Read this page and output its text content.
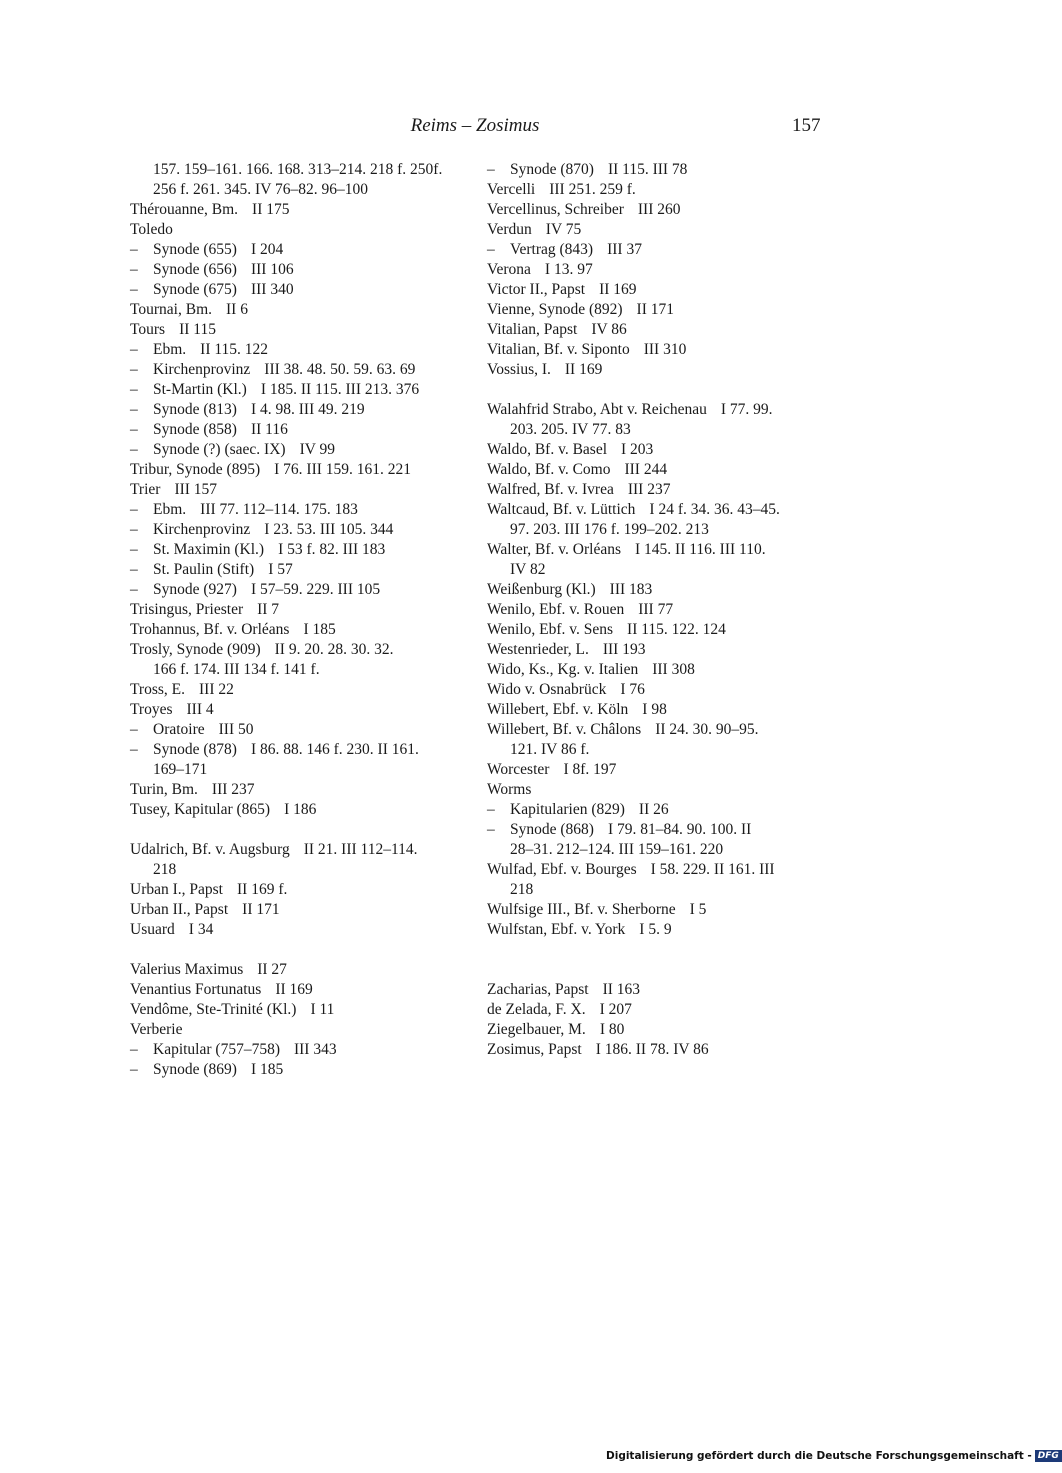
Reims – Zosimus	157
157. 159–161. 166. 168. 313–214. 218 f. 250f.
256 f. 261. 345. IV 76–82. 96–100
Thérouanne, Bm. II 175
Toledo
– Synode (655) I 204
– Synode (656) III 106
– Synode (675) III 340
Tournai, Bm. II 6
Tours II 115
– Ebm. II 115. 122
– Kirchenprovinz III 38. 48. 50. 59. 63. 69
– St-Martin (Kl.) I 185. II 115. III 213. 376
– Synode (813) I 4. 98. III 49. 219
– Synode (858) II 116
– Synode (?) (saec. IX) IV 99
Tribur, Synode (895) I 76. III 159. 161. 221
Trier III 157
– Ebm. III 77. 112–114. 175. 183
– Kirchenprovinz I 23. 53. III 105. 344
– St. Maximin (Kl.) I 53 f. 82. III 183
– St. Paulin (Stift) I 57
– Synode (927) I 57–59. 229. III 105
Trisingus, Priester II 7
Trohannus, Bf. v. Orléans I 185
Trosly, Synode (909) II 9. 20. 28. 30. 32.
166 f. 174. III 134 f. 141 f.
Tross, E. III 22
Troyes III 4
– Oratoire III 50
– Synode (878) I 86. 88. 146 f. 230. II 161.
169–171
Turin, Bm. III 237
Tusey, Kapitular (865) I 186
Udalrich, Bf. v. Augsburg II 21. III 112–114.
218
Urban I., Papst II 169 f.
Urban II., Papst II 171
Usuard I 34
Valerius Maximus II 27
Venantius Fortunatus II 169
Vendôme, Ste-Trinité (Kl.) I 11
Verberie
– Kapitular (757–758) III 343
– Synode (869) I 185
– Synode (870) II 115. III 78
Vercelli III 251. 259 f.
Vercellinus, Schreiber III 260
Verdun IV 75
– Vertrag (843) III 37
Verona I 13. 97
Victor II., Papst II 169
Vienne, Synode (892) II 171
Vitalian, Papst IV 86
Vitalian, Bf. v. Siponto III 310
Vossius, I. II 169
Walahfrid Strabo, Abt v. Reichenau I 77. 99.
203. 205. IV 77. 83
Waldo, Bf. v. Basel I 203
Waldo, Bf. v. Como III 244
Walfred, Bf. v. Ivrea III 237
Waltcaud, Bf. v. Lüttich I 24 f. 34. 36. 43–45.
97. 203. III 176 f. 199–202. 213
Walter, Bf. v. Orléans I 145. II 116. III 110.
IV 82
Weißenburg (Kl.) III 183
Wenilo, Ebf. v. Rouen III 77
Wenilo, Ebf. v. Sens II 115. 122. 124
Westenrieder, L. III 193
Wido, Ks., Kg. v. Italien III 308
Wido v. Osnabrück I 76
Willebert, Ebf. v. Köln I 98
Willebert, Bf. v. Châlons II 24. 30. 90–95.
121. IV 86 f.
Worcester I 8f. 197
Worms
– Kapitularien (829) II 26
– Synode (868) I 79. 81–84. 90. 100. II
28–31. 212–124. III 159–161. 220
Wulfad, Ebf. v. Bourges I 58. 229. II 161. III
218
Wulfsige III., Bf. v. Sherborne I 5
Wulfstan, Ebf. v. York I 5. 9
Zacharias, Papst II 163
de Zelada, F. X. I 207
Ziegelbauer, M. I 80
Zosimus, Papst I 186. II 78. IV 86
Digitalisierung gefördert durch die Deutsche Forschungsgemeinschaft - DFG
